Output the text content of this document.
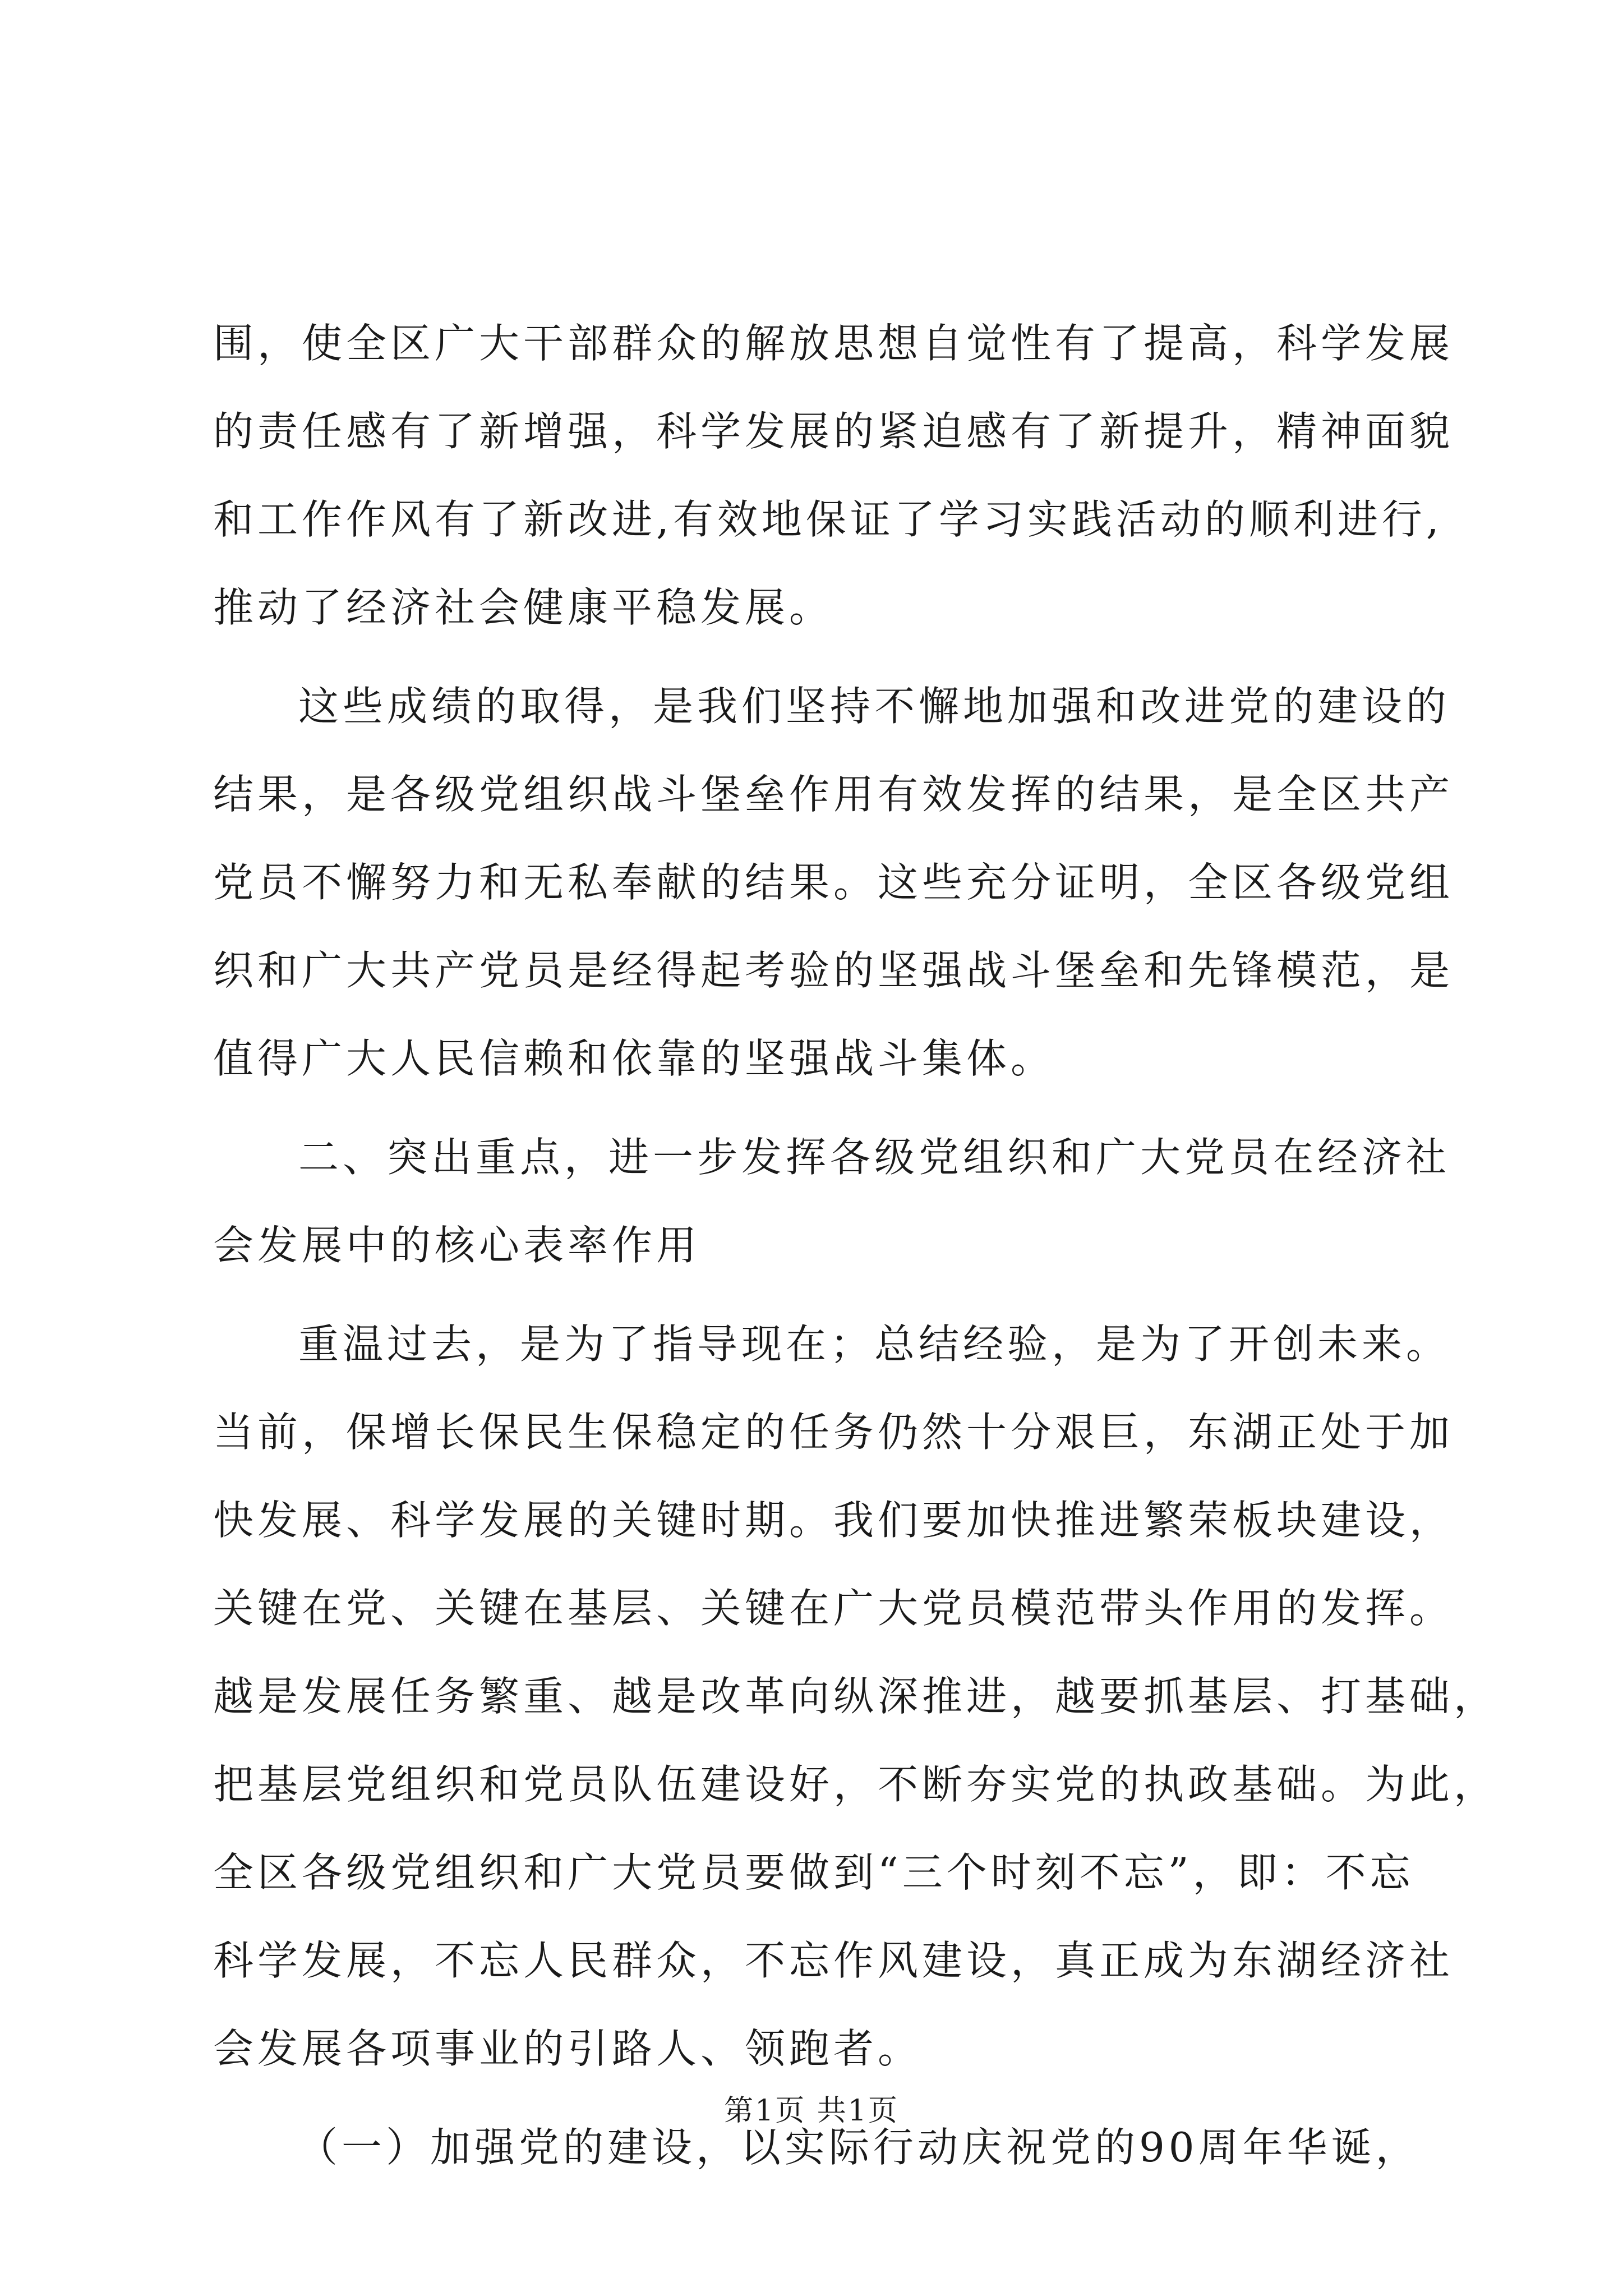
围，使全区广大干部群众的解放思想自觉性有了提高，科学发展
的责任感有了新增强，科学发展的紧迫感有了新提升，精神面貌
和工作作风有了新改进,有效地保证了学习实践活动的顺利进行,
推动了经济社会健康平稳发展。
这些成绩的取得，是我们坚持不懈地加强和改进党的建设的
结果，是各级党组织战斗堡垒作用有效发挥的结果，是全区共产
党员不懈努力和无私奉献的结果。这些充分证明，全区各级党组
织和广大共产党员是经得起考验的坚强战斗堡垒和先锋模范，是
值得广大人民信赖和依靠的坚强战斗集体。
二、突出重点，进一步发挥各级党组织和广大党员在经济社
会发展中的核心表率作用
重温过去，是为了指导现在；总结经验，是为了开创未来。
当前，保增长保民生保稳定的任务仍然十分艰巨，东湖正处于加
快发展、科学发展的关键时期。我们要加快推进繁荣板块建设，
关键在党、关键在基层、关键在广大党员模范带头作用的发挥。
越是发展任务繁重、越是改革向纵深推进，越要抓基层、打基础，
把基层党组织和党员队伍建设好，不断夯实党的执政基础。为此，
全区各级党组织和广大党员要做到“三个时刻不忘”，即：不忘
科学发展，不忘人民群众，不忘作风建设，真正成为东湖经济社
会发展各项事业的引路人、领跑者。
（一）加强党的建设，以实际行动庆祝党的90周年华诞，
第1页 共1页
